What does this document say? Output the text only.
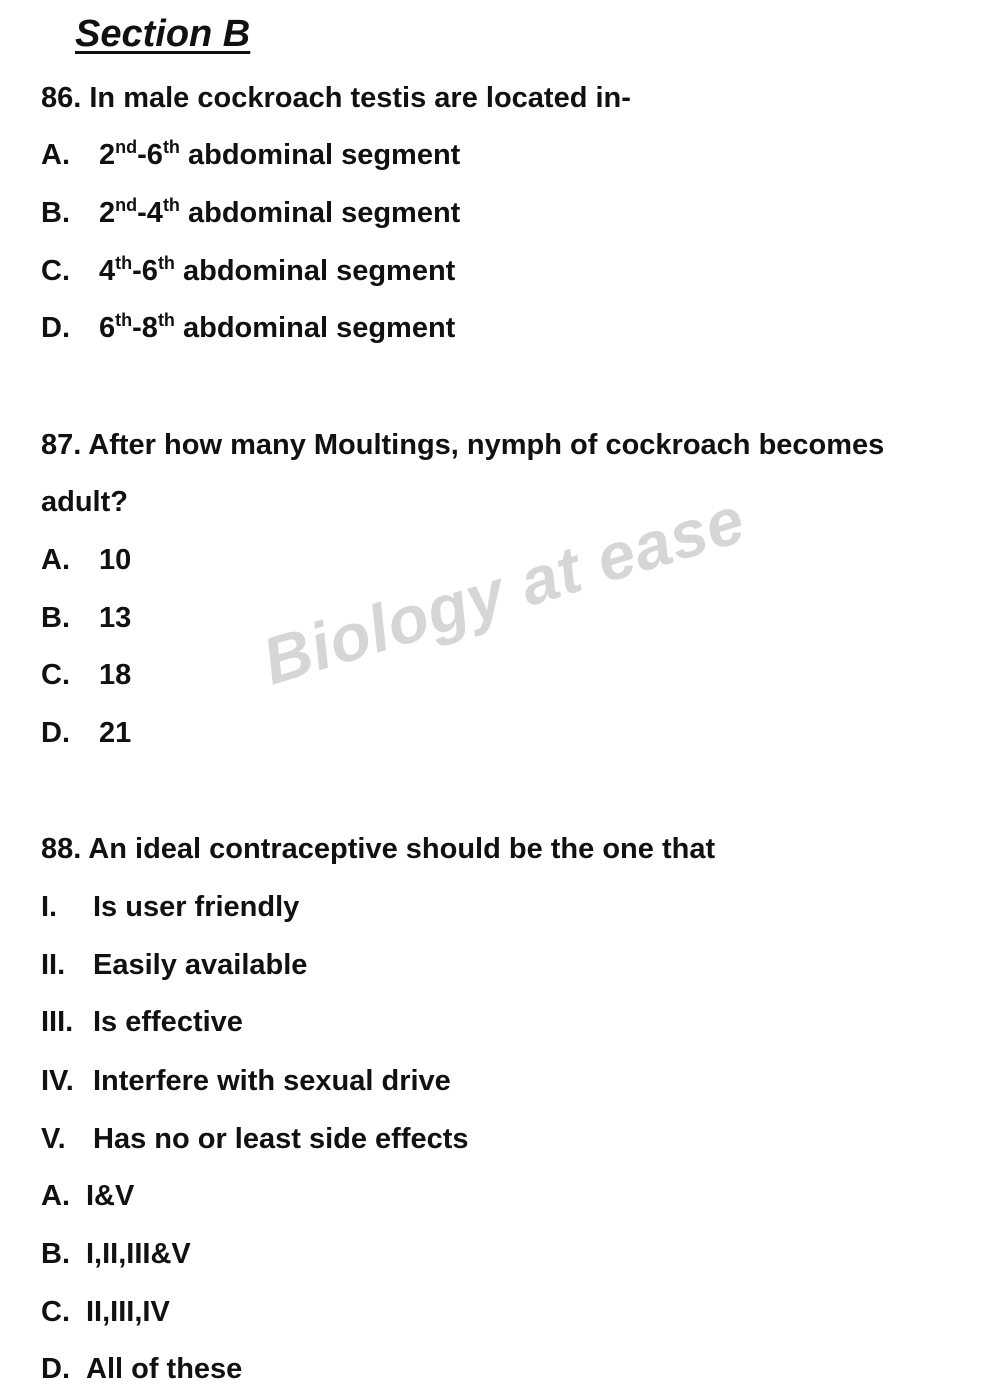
Section B
86. In male cockroach testis are located in-
A. 2nd-6th abdominal segment
B. 2nd-4th abdominal segment
C. 4th-6th abdominal segment
D. 6th-8th abdominal segment
87. After how many Moultings, nymph of cockroach becomes
adult?
A. 10
B. 13
C. 18
D. 21
Biology at ease
88. An ideal contraceptive should be the one that
I. Is user friendly
II. Easily available
III. Is effective
IV. Interfere with sexual drive
V. Has no or least side effects
A. I&V
B. I,II,III&V
C. II,III,IV
D. All of these
